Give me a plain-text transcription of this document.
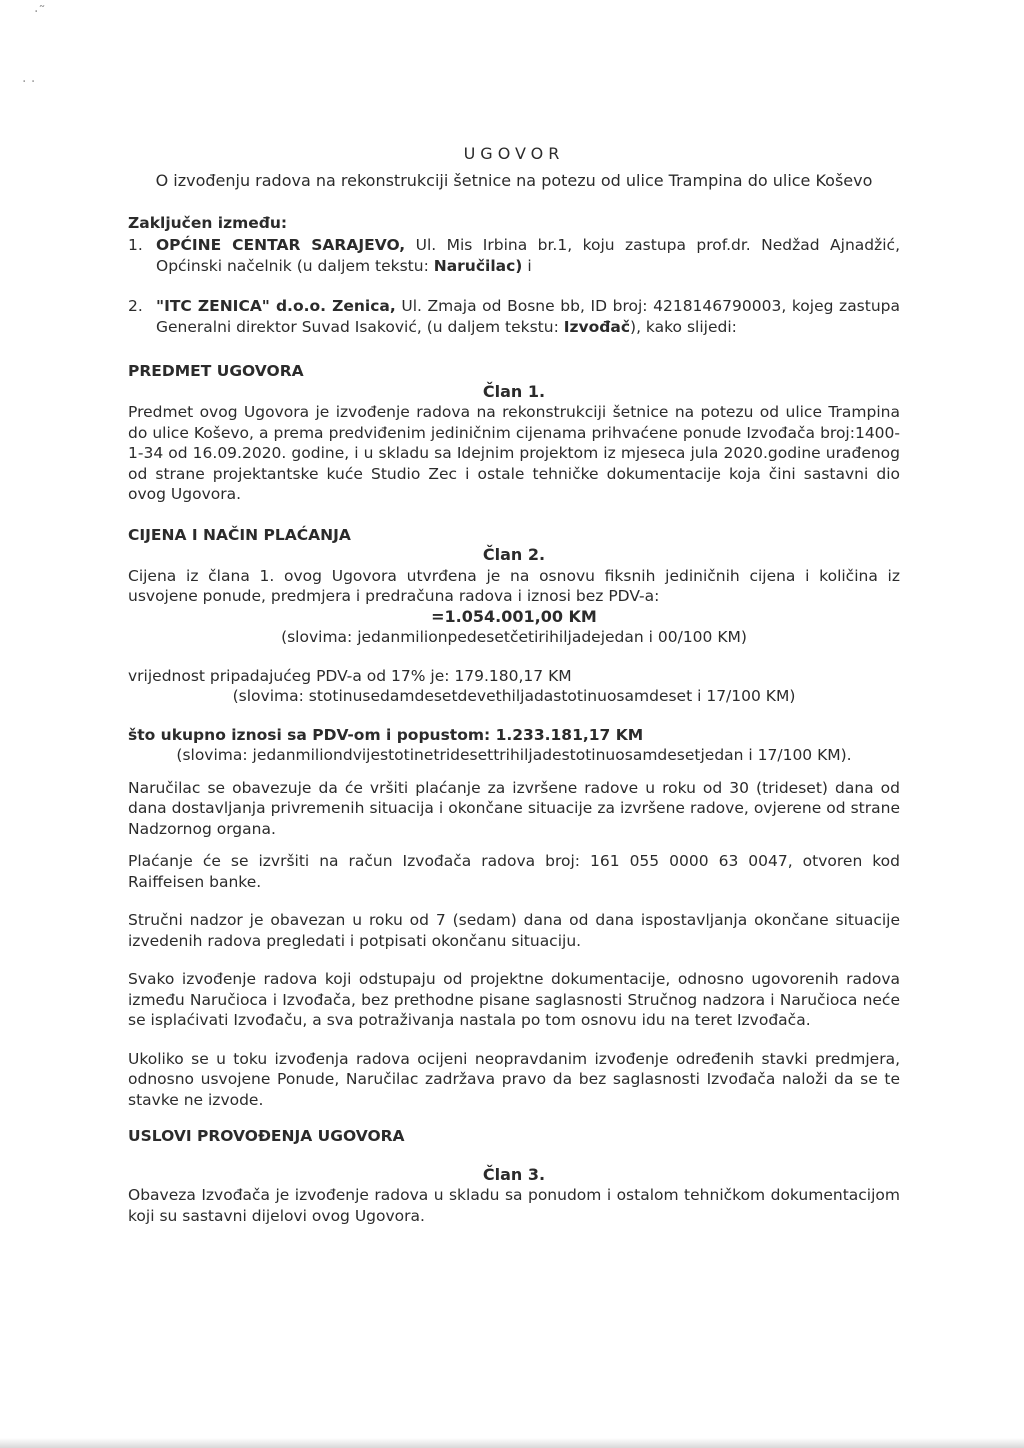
·˜
· ·

UGOVOR

O izvođenju radova na rekonstrukciji šetnice na potezu od ulice Trampina do ulice Koševo

Zaključen između:

1. OPĆINE CENTAR SARAJEVO, Ul. Mis Irbina br.1, koju zastupa prof.dr. Nedžad Ajnadžić, Općinski načelnik (u daljem tekstu: Naručilac) i
2. "ITC ZENICA" d.o.o. Zenica, Ul. Zmaja od Bosne bb, ID broj: 4218146790003, kojeg zastupa Generalni direktor Suvad Isaković, (u daljem tekstu: Izvođač), kako slijedi:

PREDMET UGOVORA

Član 1.

Predmet ovog Ugovora je izvođenje radova na rekonstrukciji šetnice na potezu od ulice Trampina do ulice Koševo, a prema predviđenim jediničnim cijenama prihvaćene ponude Izvođača broj:1400-1-34 od 16.09.2020. godine, i u skladu sa Idejnim projektom iz mjeseca jula 2020.godine urađenog od strane projektantske kuće Studio Zec i ostale tehničke dokumentacije koja čini sastavni dio ovog Ugovora.

CIJENA I NAČIN PLAĆANJA

Član 2.

Cijena iz člana 1. ovog Ugovora utvrđena je na osnovu fiksnih jediničnih cijena i količina iz usvojene ponude, predmjera i predračuna radova i iznosi bez PDV-a:

=1.054.001,00 KM

(slovima: jedanmilionpedesetčetirihiljadejedan i 00/100 KM)

vrijednost pripadajućeg PDV-a od 17% je: 179.180,17 KM

(slovima: stotinusedamdesetdevethiljadastotinuosamdeset i 17/100 KM)

što ukupno iznosi sa PDV-om i popustom: 1.233.181,17 KM

(slovima: jedanmiliondvijestotinetridesettrihiljadestotinuosamdesetjedan i 17/100 KM).

Naručilac se obavezuje da će vršiti plaćanje za izvršene radove u roku od 30 (trideset) dana od dana dostavljanja privremenih situacija i okončane situacije za izvršene radove, ovjerene od strane Nadzornog organa.

Plaćanje će se izvršiti na račun Izvođača radova broj: 161 055 0000 63 0047, otvoren kod Raiffeisen banke.

Stručni nadzor je obavezan u roku od 7 (sedam) dana od dana ispostavljanja okončane situacije izvedenih radova pregledati i potpisati okončanu situaciju.

Svako izvođenje radova koji odstupaju od projektne dokumentacije, odnosno ugovorenih radova između Naručioca i Izvođača, bez prethodne pisane saglasnosti Stručnog nadzora i Naručioca neće se isplaćivati Izvođaču, a sva potraživanja nastala po tom osnovu idu na teret Izvođača.

Ukoliko se u toku izvođenja radova ocijeni neopravdanim izvođenje određenih stavki predmjera, odnosno usvojene Ponude, Naručilac zadržava pravo da bez saglasnosti Izvođača naloži da se te stavke ne izvode.

USLOVI PROVOĐENJA UGOVORA

Član 3.

Obaveza Izvođača je izvođenje radova u skladu sa ponudom i ostalom tehničkom dokumentacijom koji su sastavni dijelovi ovog Ugovora.
